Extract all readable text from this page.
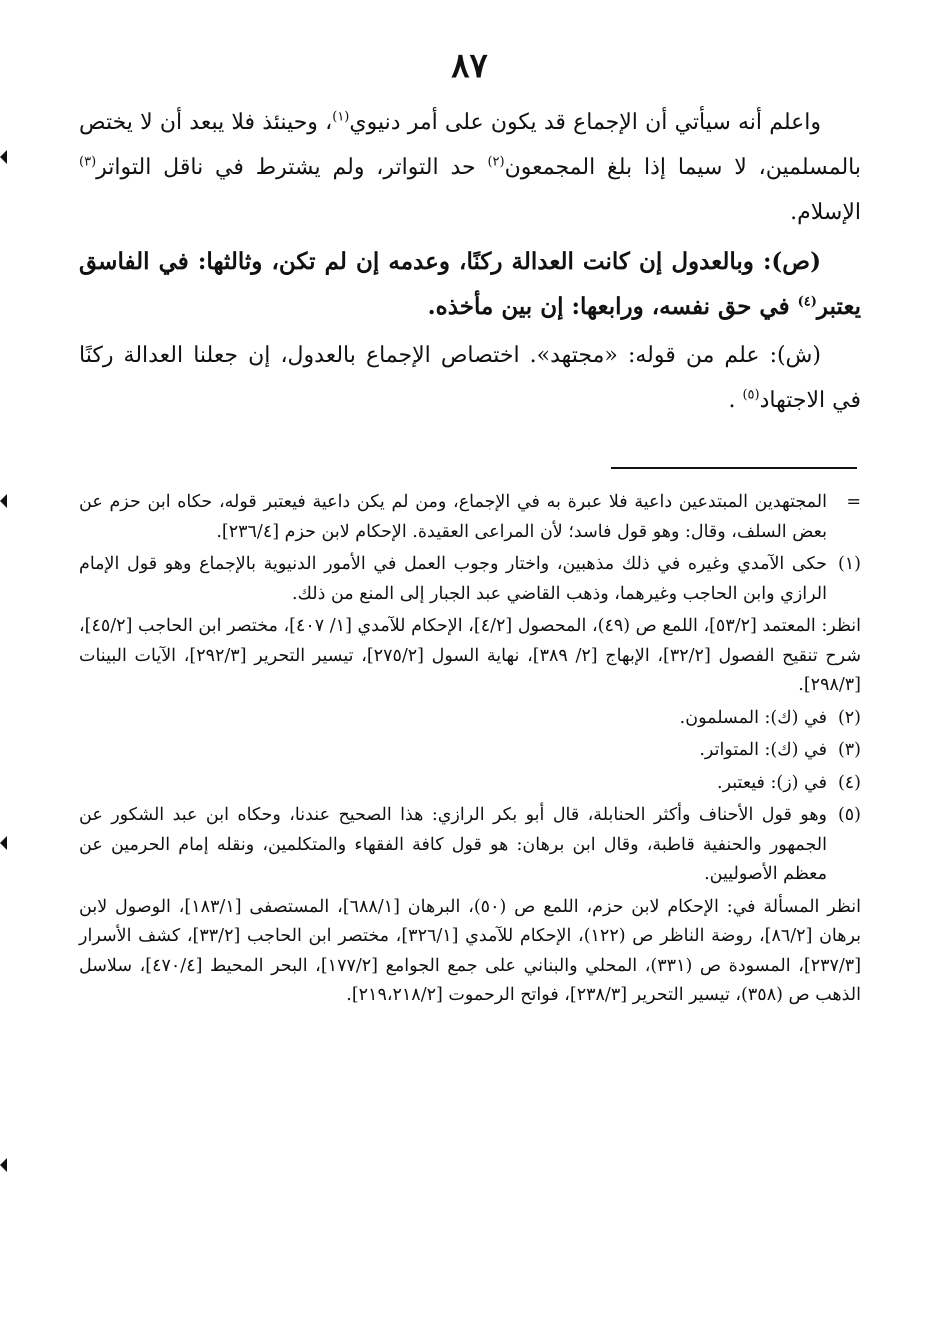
٨٧

واعلم أنه سيأتي أن الإجماع قد يكون على أمر دنيوي$^{(١)}$، وحينئذ فلا يبعد أن لا يختص بالمسلمين، لا سيما إذا بلغ المجمعون$^{(٢)}$ حد التواتر، ولم يشترط في ناقل التواتر$^{(٣)}$ الإسلام.

(ص): وبالعدول إن كانت العدالة ركنًا، وعدمه إن لم تكن، وثالثها: في الفاسق يعتبر$^{(٤)}$ في حق نفسه، ورابعها: إن بين مأخذه.

(ش): علم من قوله: «مجتهد». اختصاص الإجماع بالعدول، إن جعلنا العدالة ركنًا في الاجتهاد$^{(٥)}$ .

=
المجتهدين المبتدعين داعية فلا عبرة به في الإجماع، ومن لم يكن داعية فيعتبر قوله، حكاه ابن حزم عن بعض السلف، وقال: وهو قول فاسد؛ لأن المراعى العقيدة. الإحكام لابن حزم [٢٣٦/٤].

(١)
حكى الآمدي وغيره في ذلك مذهبين، واختار وجوب العمل في الأمور الدنيوية بالإجماع وهو قول الإمام الرازي وابن الحاجب وغيرهما، وذهب القاضي عبد الجبار إلى المنع من ذلك.

انظر: المعتمد [٥٣/٢]، اللمع ص (٤٩)، المحصول [٤/٢]، الإحكام للآمدي [١/ ٤٠٧]، مختصر ابن الحاجب [٤٥/٢]، شرح تنقيح الفصول [٣٢/٢]، الإبهاج [٢/ ٣٨٩]، نهاية السول [٢٧٥/٢]، تيسير التحرير [٢٩٢/٣]، الآيات البينات [٢٩٨/٣].

(٢)
في (ك): المسلمون.

(٣)
في (ك): المتواتر.

(٤)
في (ز): فيعتبر.

(٥)
وهو قول الأحناف وأكثر الحنابلة، قال أبو بكر الرازي: هذا الصحيح عندنا، وحكاه ابن عبد الشكور عن الجمهور والحنفية قاطبة، وقال ابن برهان: هو قول كافة الفقهاء والمتكلمين، ونقله إمام الحرمين عن معظم الأصوليين.

انظر المسألة في: الإحكام لابن حزم، اللمع ص (٥٠)، البرهان [٦٨٨/١]، المستصفى [١٨٣/١]، الوصول لابن برهان [٨٦/٢]، روضة الناظر ص (١٢٢)، الإحكام للآمدي [٣٢٦/١]، مختصر ابن الحاجب [٣٣/٢]، كشف الأسرار [٢٣٧/٣]، المسودة ص (٣٣١)، المحلي والبناني على جمع الجوامع [١٧٧/٢]، البحر المحيط [٤٧٠/٤]، سلاسل الذهب ص (٣٥٨)، تيسير التحرير [٢٣٨/٣]، فواتح الرحموت [٢١٩،٢١٨/٢].
